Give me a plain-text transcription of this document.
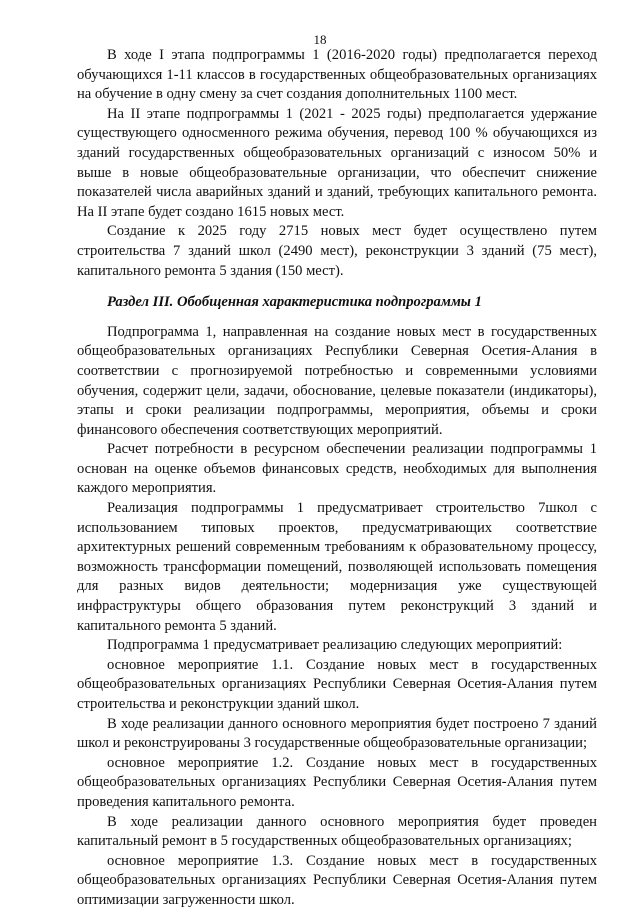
18

В ходе I этапа подпрограммы 1 (2016-2020 годы) предполагается переход обучающихся 1-11 классов в государственных общеобразовательных организациях на обучение в одну смену за счет создания дополнительных 1100 мест.

На II этапе подпрограммы 1 (2021 - 2025 годы) предполагается удержание существующего односменного режима обучения, перевод 100 % обучающихся из зданий государственных общеобразовательных организаций с износом 50% и выше в новые общеобразовательные организации, что обеспечит снижение показателей числа аварийных зданий и зданий, требующих капитального ремонта. На II этапе будет создано 1615 новых мест.

Создание к 2025 году 2715 новых мест будет осуществлено путем строительства 7 зданий школ (2490 мест), реконструкции 3 зданий (75 мест), капитального ремонта 5 здания (150 мест).

Раздел III. Обобщенная характеристика подпрограммы 1

Подпрограмма 1, направленная на создание новых мест в государственных общеобразовательных организациях Республики Северная Осетия-Алания в соответствии с прогнозируемой потребностью и современными условиями обучения, содержит цели, задачи, обоснование, целевые показатели (индикаторы), этапы и сроки реализации подпрограммы, мероприятия, объемы и сроки финансового обеспечения соответствующих мероприятий.

Расчет потребности в ресурсном обеспечении реализации подпрограммы 1 основан на оценке объемов финансовых средств, необходимых для выполнения каждого мероприятия.

Реализация подпрограммы 1 предусматривает строительство 7школ с использованием типовых проектов, предусматривающих соответствие архитектурных решений современным требованиям к образовательному процессу, возможность трансформации помещений, позволяющей использовать помещения для разных видов деятельности; модернизация уже существующей инфраструктуры общего образования путем реконструкций 3 зданий и капитального ремонта 5 зданий.

Подпрограмма 1 предусматривает реализацию следующих мероприятий:

основное мероприятие 1.1. Создание новых мест в государственных общеобразовательных организациях Республики Северная Осетия-Алания путем строительства и реконструкции зданий школ.

В ходе реализации данного основного мероприятия будет построено 7 зданий школ и реконструированы 3 государственные общеобразовательные организации;

основное мероприятие 1.2. Создание новых мест в государственных общеобразовательных организациях Республики Северная Осетия-Алания путем проведения капитального ремонта.

В ходе реализации данного основного мероприятия будет проведен капитальный ремонт в 5 государственных общеобразовательных организациях;

основное мероприятие 1.3. Создание новых мест в государственных общеобразовательных организациях Республики Северная Осетия-Алания путем оптимизации загруженности школ.
